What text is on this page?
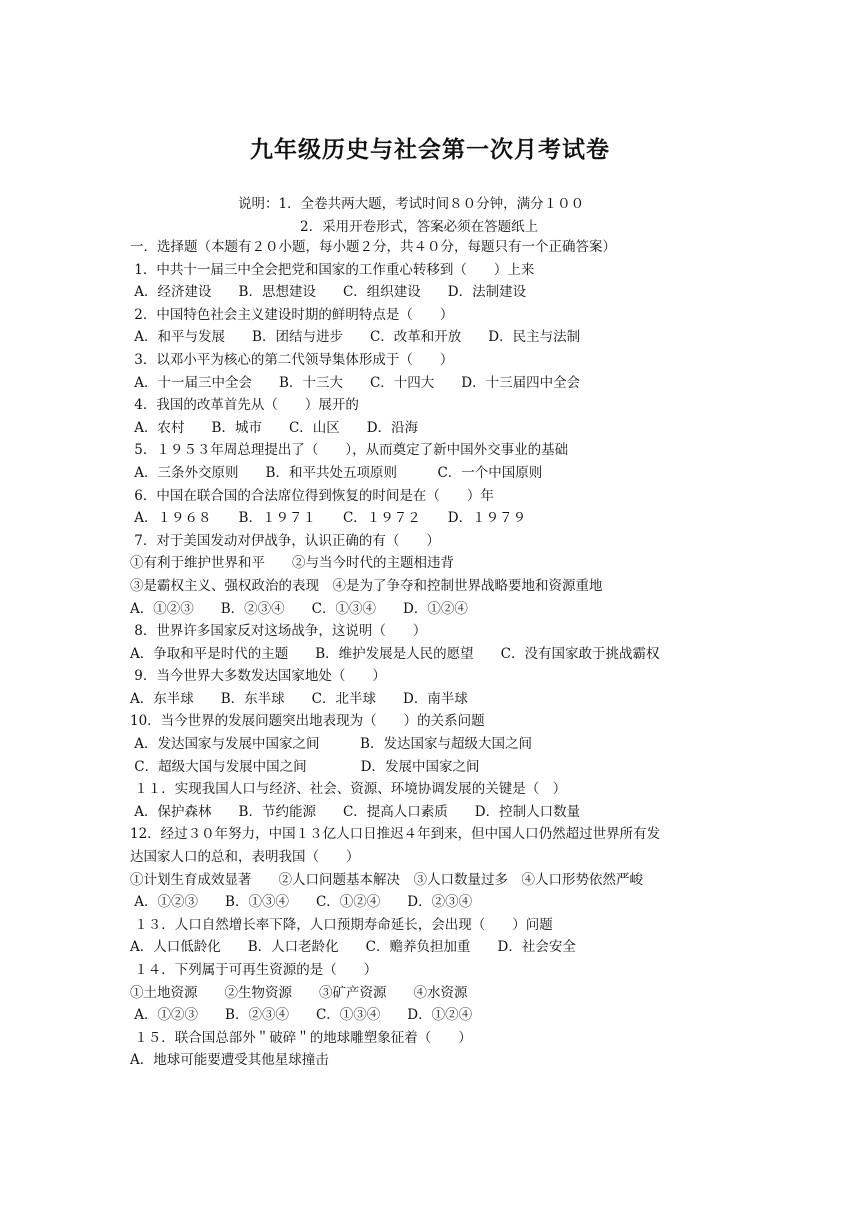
九年级历史与社会第一次月考试卷
说明：1．全卷共两大题，考试时间８０分钟，满分１００
2．采用开卷形式，答案必须在答题纸上
一．选择题（本题有２０小题，每小题２分，共４０分，每题只有一个正确答案）
1．中共十一届三中全会把党和国家的工作重心转移到（　　）上来
A．经济建设　　B．思想建设　　C．组织建设　　D．法制建设
2．中国特色社会主义建设时期的鲜明特点是（　　）
A．和平与发展　　B．团结与进步　　C．改革和开放　　D．民主与法制
3．以邓小平为核心的第二代领导集体形成于（　　）
A．十一届三中全会　　B．十三大　　C．十四大　　D．十三届四中全会
4．我国的改革首先从（　　）展开的
A．农村　　B．城市　　C．山区　　D．沿海
5．１９５３年周总理提出了（　　），从而奠定了新中国外交事业的基础
A．三条外交原则　　B．和平共处五项原则　　　C．一个中国原则
6．中国在联合国的合法席位得到恢复的时间是在（　　）年
A．１９６８　　B．１９７１　　C．１９７２　　D．１９７９
7．对于美国发动对伊战争，认识正确的有（　　）
①有利于维护世界和平　　②与当今时代的主题相违背
③是霸权主义、强权政治的表现　④是为了争夺和控制世界战略要地和资源重地
A．①②③　　B．②③④　　C．①③④　　D．①②④
8．世界许多国家反对这场战争，这说明（　　）
A．争取和平是时代的主题　　B．维护发展是人民的愿望　　C．没有国家敢于挑战霸权
9．当今世界大多数发达国家地处（　　）
A．东半球　　B．东半球　　C．北半球　　D．南半球
10．当今世界的发展问题突出地表现为（　　）的关系问题
A．发达国家与发展中国家之间　　　B．发达国家与超级大国之间
C．超级大国与发展中国之间　　　　D．发展中国家之间
１１．实现我国人口与经济、社会、资源、环境协调发展的关键是（　）
A．保护森林　　B．节约能源　　C．提高人口素质　　D．控制人口数量
12．经过３０年努力，中国１３亿人口日推迟４年到来，但中国人口仍然超过世界所有发
达国家人口的总和，表明我国（　　）
①计划生育成效显著　　②人口问题基本解决　③人口数量过多　④人口形势依然严峻
A．①②③　　B．①③④　　C．①②④　　D．②③④
１３．人口自然增长率下降，人口预期寿命延长，会出现（　　）问题
A．人口低龄化　　B．人口老龄化　　C．赡养负担加重　　D．社会安全
１４．下列属于可再生资源的是（　　）
①土地资源　　②生物资源　　③矿产资源　　④水资源
A．①②③　　B．②③④　　C．①③④　　D．①②④
１５．联合国总部外＂破碎＂的地球雕塑象征着（　　）
A．地球可能要遭受其他星球撞击
